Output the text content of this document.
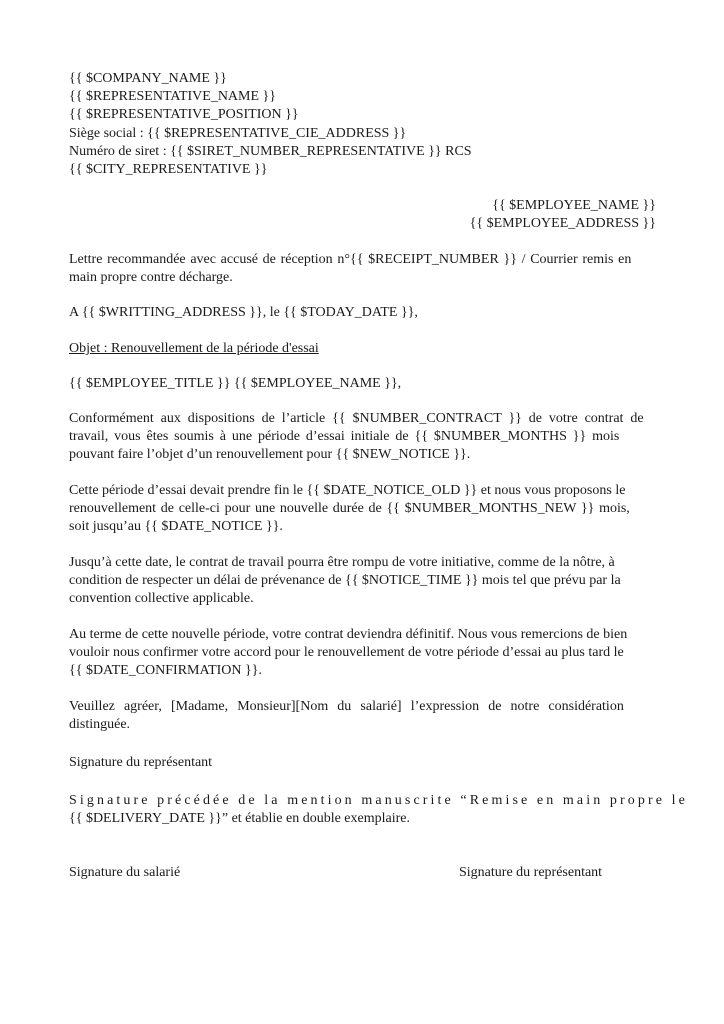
{{ $COMPANY_NAME }}
{{ $REPRESENTATIVE_NAME }}
{{ $REPRESENTATIVE_POSITION }}
Siège social : {{ $REPRESENTATIVE_CIE_ADDRESS }}
Numéro de siret : {{ $SIRET_NUMBER_REPRESENTATIVE }} RCS
{{ $CITY_REPRESENTATIVE }}
{{ $EMPLOYEE_NAME }}
{{ $EMPLOYEE_ADDRESS }}
Lettre recommandée avec accusé de réception n°{{ $RECEIPT_NUMBER }} / Courrier remis en
main propre contre décharge.
A {{ $WRITTING_ADDRESS }}, le {{ $TODAY_DATE }},
Objet : Renouvellement de la période d'essai
{{ $EMPLOYEE_TITLE }} {{ $EMPLOYEE_NAME }},
Conformément aux dispositions de l’article {{ $NUMBER_CONTRACT }} de votre contrat de
travail, vous êtes soumis à une période d’essai initiale de {{ $NUMBER_MONTHS }} mois
pouvant faire l’objet d’un renouvellement pour {{ $NEW_NOTICE }}.
Cette période d’essai devait prendre fin le {{ $DATE_NOTICE_OLD }} et nous vous proposons le
renouvellement de celle-ci pour une nouvelle durée de {{ $NUMBER_MONTHS_NEW }} mois,
soit jusqu’au {{ $DATE_NOTICE }}.
Jusqu’à cette date, le contrat de travail pourra être rompu de votre initiative, comme de la nôtre, à
condition de respecter un délai de prévenance de {{ $NOTICE_TIME }} mois tel que prévu par la
convention collective applicable.
Au terme de cette nouvelle période, votre contrat deviendra définitif. Nous vous remercions de bien
vouloir nous confirmer votre accord pour le renouvellement de votre période d’essai au plus tard le
{{ $DATE_CONFIRMATION }}.
Veuillez agréer, [Madame, Monsieur][Nom du salarié] l’expression de notre considération
distinguée.
Signature du représentant
Signature précédée de la mention manuscrite “Remise en main propre le
{{ $DELIVERY_DATE }}” et établie en double exemplaire.
Signature du salarié	Signature du représentant
